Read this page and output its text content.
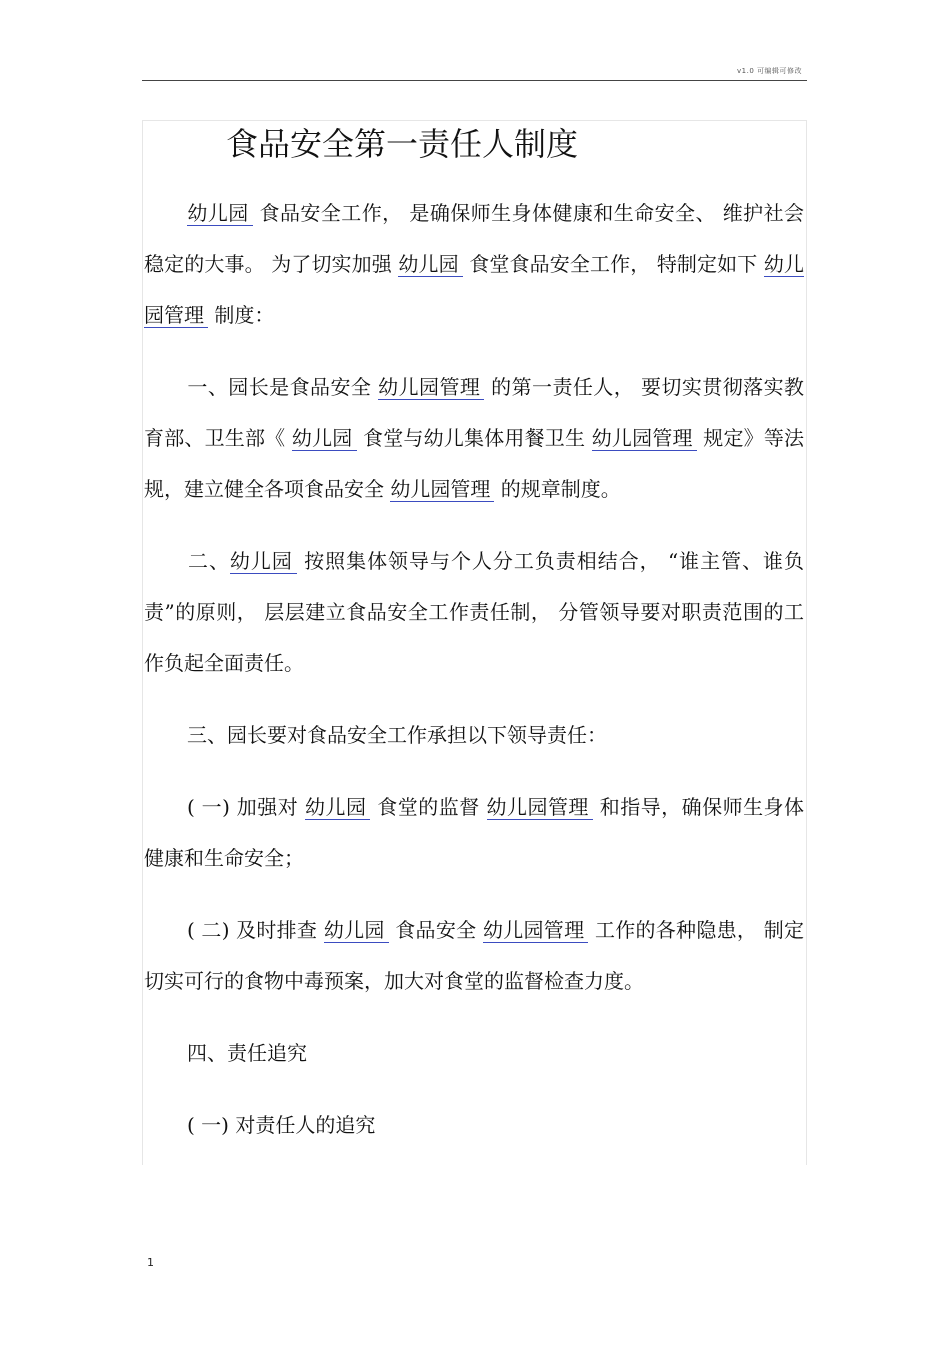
v1.0 可编辑可修改
食品安全第一责任人制度

幼儿园 食品安全工作， 是确保师生身体健康和生命安全、 维护社会稳定的大事。 为了切实加强 幼儿园 食堂食品安全工作， 特制定如下 幼儿园管理 制度：

一、园长是食品安全 幼儿园管理 的第一责任人， 要切实贯彻落实教育部、卫生部《 幼儿园 食堂与幼儿集体用餐卫生 幼儿园管理 规定》等法规，建立健全各项食品安全 幼儿园管理 的规章制度。

二、幼儿园 按照集体领导与个人分工负责相结合， “谁主管、谁负责”的原则， 层层建立食品安全工作责任制， 分管领导要对职责范围的工作负起全面责任。

三、园长要对食品安全工作承担以下领导责任：

( 一) 加强对 幼儿园 食堂的监督 幼儿园管理 和指导，确保师生身体健康和生命安全；

( 二) 及时排查 幼儿园 食品安全 幼儿园管理 工作的各种隐患， 制定切实可行的食物中毒预案，加大对食堂的监督检查力度。

四、责任追究

( 一) 对责任人的追究

1
